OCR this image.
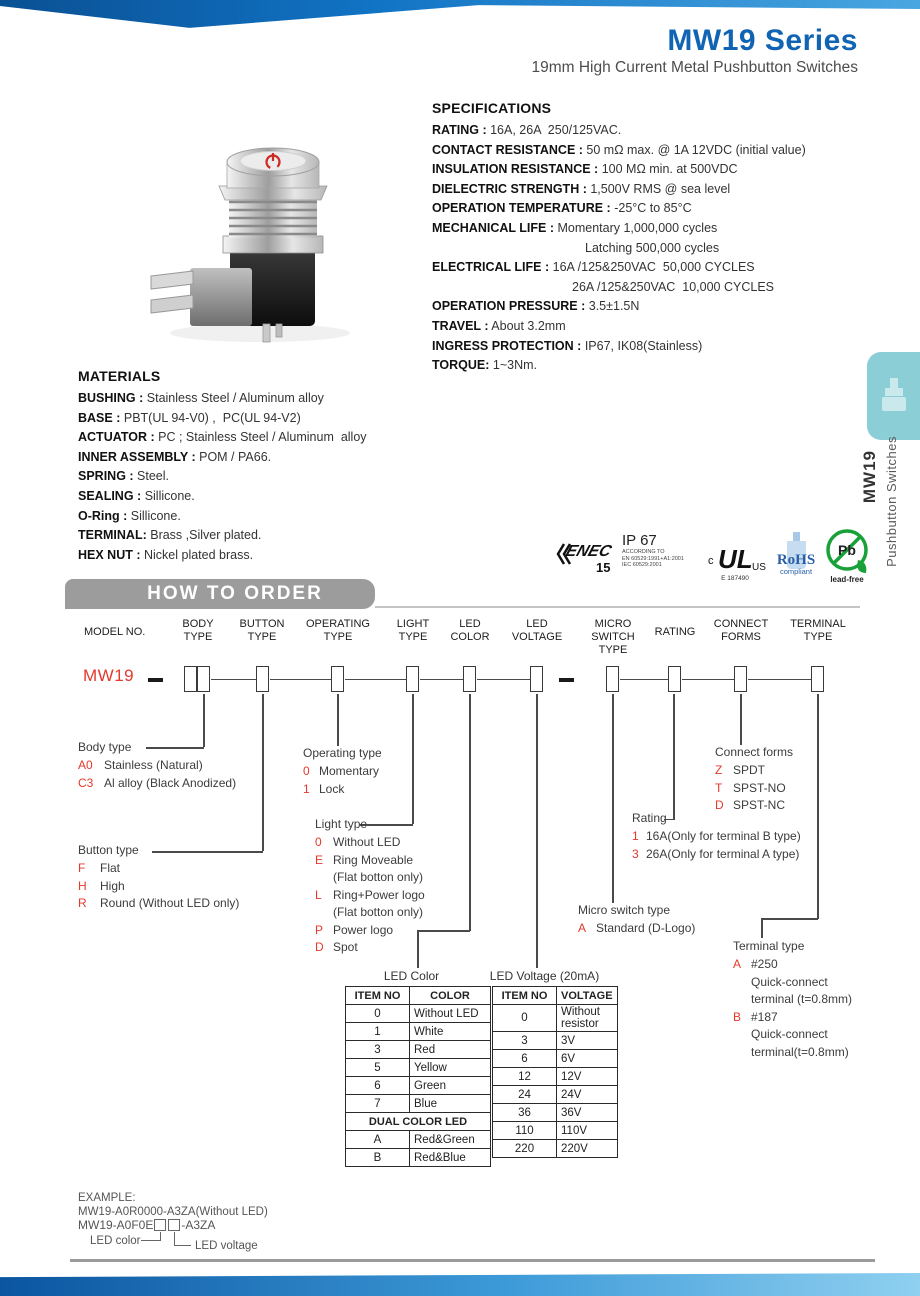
MW19 Series
19mm High Current Metal Pushbutton Switches
SPECIFICATIONS
RATING : 16A, 26A  250/125VAC.
CONTACT RESISTANCE : 50 mΩ max. @ 1A 12VDC (initial value)
INSULATION RESISTANCE : 100 MΩ min. at 500VDC
DIELECTRIC STRENGTH : 1,500V RMS @ sea level
OPERATION TEMPERATURE : -25°C to 85°C
MECHANICAL LIFE : Momentary 1,000,000 cycles
Latching 500,000 cycles
ELECTRICAL LIFE : 16A /125&250VAC  50,000 CYCLES
26A /125&250VAC  10,000 CYCLES
OPERATION PRESSURE : 3.5±1.5N
TRAVEL : About 3.2mm
INGRESS PROTECTION : IP67, IK08(Stainless)
TORQUE: 1~3Nm.
MATERIALS
BUSHING : Stainless Steel / Aluminum alloy
BASE : PBT(UL 94-V0) ,  PC(UL 94-V2)
ACTUATOR : PC ; Stainless Steel / Aluminum  alloy
INNER ASSEMBLY : POM / PA66.
SPRING : Steel.
SEALING : Sillicone.
O-Ring : Sillicone.
TERMINAL: Brass ,Silver plated.
HEX NUT : Nickel plated brass.	ENEC
15
IP 67
ACCORDING TO
EN 60529:1991+A1:2001
IEC 60529:2001	c UL US
E 187490
RoHS
compliant
Pb
lead-free
HOW TO ORDER
MODEL NO.
BODY TYPE
BUTTON TYPE
OPERATING TYPE
LIGHT TYPE
LED COLOR
LED VOLTAGE
MICRO SWITCH TYPE
RATING
CONNECT FORMS
TERMINAL TYPE
MW19
Body type
A0 Stainless (Natural)
C3 Al alloy (Black Anodized)
Button type
F Flat
H High
R Round (Without LED only)
Operating type
0 Momentary
1 Lock
Light type
0 Without LED
E Ring Moveable
(Flat botton only)
L Ring+Power logo
(Flat botton only)
P Power logo
D Spot
Connect forms
Z SPDT
T SPST-NO
D SPST-NC
Rating
1 16A(Only for terminal B type)
3 26A(Only for terminal A type)
Micro switch type
A Standard (D-Logo)
Terminal type
A #250
Quick-connect terminal (t=0.8mm)
B #187
Quick-connect terminal(t=0.8mm)
LED Color
ITEM NO	COLOR
0	Without LED
1	White
3	Red
5	Yellow
6	Green
7	Blue
DUAL COLOR LED	
A	Red&Green
B	Red&Blue
LED Voltage (20mA)
ITEM NO	VOLTAGE
0	Without resistor
3	3V
6	6V
12	12V
24	24V
36	36V
110	110V
220	220V
EXAMPLE:
MW19-A0R0000-A3ZA(Without LED)
MW19-A0F0E -A3ZA
LED color	LED voltage
MW19 Pushbutton Switches
